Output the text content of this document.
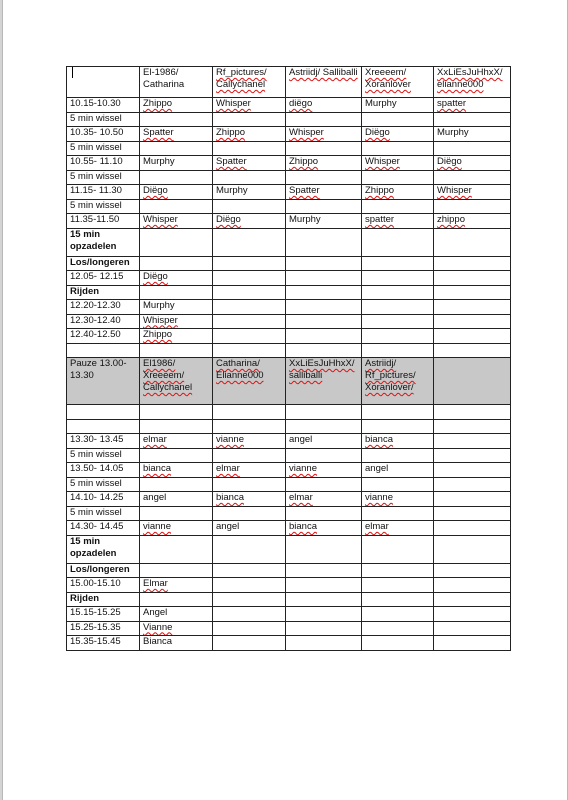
	El-1986/ Catharina	Rf_pictures/ Callychanel	Astriidj/ Salliballi	Xreeeem/ Xoranlover	XxLiEsJuHhxX/ elianne000
10.15-10.30	Zhippo	Whisper	diëgo	Murphy	spatter
5 min wissel					
10.35- 10.50	Spatter	Zhippo	Whisper	Diëgo	Murphy
5 min wissel					
10.55- 11.10	Murphy	Spatter	Zhippo	Whisper	Diëgo
5 min wissel					
11.15- 11.30	Diëgo	Murphy	Spatter	Zhippo	Whisper
5 min wissel					
11.35-11.50	Whisper	Diëgo	Murphy	spatter	zhippo
15 min opzadelen					
Los/longeren					
12.05- 12.15	Diëgo				
Rijden					
12.20-12.30	Murphy				
12.30-12.40	Whisper				
12.40-12.50	Zhippo				

Pauze 13.00- 13.30	El1986/ Xreeeem/ Callychanel	Catharina/ Elianne000	XxLiEsJuHhxX/ salliballi	Astriidj/ Rf_pictures/ Xoranlover/	

13.30- 13.45	elmar	vianne	angel	bianca	
5 min wissel					
13.50- 14.05	bianca	elmar	vianne	angel	
5 min wissel					
14.10- 14.25	angel	bianca	elmar	vianne	
5 min wissel					
14.30- 14.45	vianne	angel	bianca	elmar	
15 min opzadelen					
Los/longeren					
15.00-15.10	Elmar				
Rijden					
15.15-15.25	Angel				
15.25-15.35	Vianne				
15.35-15.45	Bianca				
